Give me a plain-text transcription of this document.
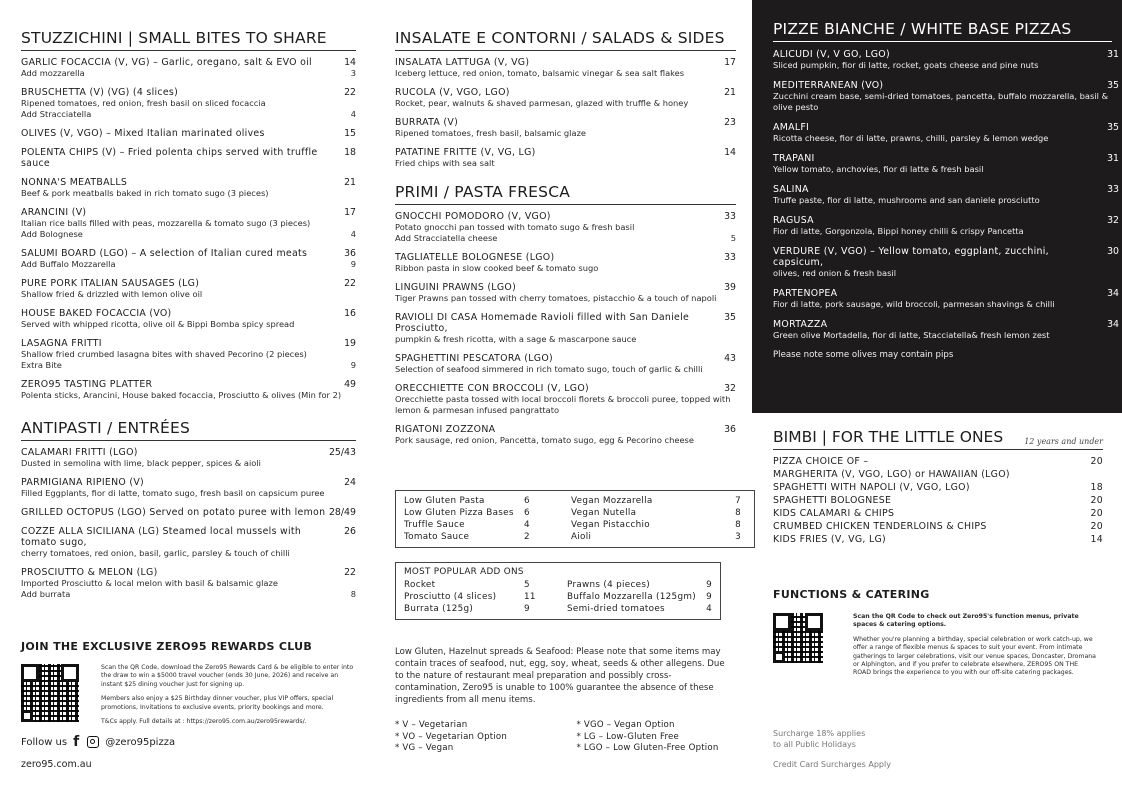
STUZZICHINI | SMALL BITES TO SHARE
GARLIC FOCACCIA (V, VG) – Garlic, oregano, salt & EVO oil	14
Add mozzarella	3
BRUSCHETTA (V) (VG) (4 slices)	22
Ripened tomatoes, red onion, fresh basil on sliced focaccia
Add Stracciatella	4
OLIVES (V, VGO) – Mixed Italian marinated olives	15
POLENTA CHIPS (V) – Fried polenta chips served with truffle sauce
18
NONNA'S MEATBALLS	21
Beef & pork meatballs baked in rich tomato sugo (3 pieces)
ARANCINI (V)	17
Italian rice balls filled with peas, mozzarella & tomato sugo (3 pieces)
Add Bolognese	4
SALUMI BOARD (LGO) – A selection of Italian cured meats	36
Add Buffalo Mozzarella	9
PURE PORK ITALIAN SAUSAGES (LG)	22
Shallow fried & drizzled with lemon olive oil
HOUSE BAKED FOCACCIA (VO)	16
Served with whipped ricotta, olive oil & Bippi Bomba spicy spread
LASAGNA FRITTI	19
Shallow fried crumbed lasagna bites with shaved Pecorino (2 pieces)
Extra Bite	9
ZERO95 TASTING PLATTER	49
Polenta sticks, Arancini, House baked focaccia, Prosciutto & olives (Min for 2)
ANTIPASTI / ENTRÉES
CALAMARI FRITTI (LGO)	25/43
Dusted in semolina with lime, black pepper, spices & aioli
PARMIGIANA RIPIENO (V)	24
Filled Eggplants, fior di latte, tomato sugo, fresh basil on capsicum puree
GRILLED OCTOPUS (LGO) Served on potato puree with lemon 28/49
COZZE ALLA SICILIANA (LG) Steamed local mussels with tomato sugo,
26
cherry tomatoes, red onion, basil, garlic, parsley & touch of chilli
PROSCIUTTO & MELON (LG)	22
Imported Prosciutto & local melon with basil & balsamic glaze
Add burrata	8
JOIN THE EXCLUSIVE ZERO95 REWARDS CLUB

Scan the QR Code, download the Zero95 Rewards Card & be eligible to enter into the draw to win a $5000 travel voucher (ends 30 June, 2026) and receive an instant $25 dining voucher just for signing up.

Members also enjoy a $25 Birthday dinner voucher, plus VIP offers, special promotions, Invitations to exclusive events, priority bookings and more.

T&Cs apply. Full details at : https://zero95.com.au/zero95rewards/.

Follow us f	@zero95pizza
zero95.com.au
INSALATE E CONTORNI / SALADS & SIDES
INSALATA LATTUGA (V, VG)	17
Iceberg lettuce, red onion, tomato, balsamic vinegar & sea salt flakes
RUCOLA (V, VGO, LGO)	21
Rocket, pear, walnuts & shaved parmesan, glazed with truffle & honey
BURRATA (V)	23
Ripened tomatoes, fresh basil, balsamic glaze
PATATINE FRITTE (V, VG, LG)	14
Fried chips with sea salt
PRIMI / PASTA FRESCA
GNOCCHI POMODORO (V, VGO)	33
Potato gnocchi pan tossed with tomato sugo & fresh basil
Add Stracciatella cheese	5
TAGLIATELLE BOLOGNESE (LGO)	33
Ribbon pasta in slow cooked beef & tomato sugo
LINGUINI PRAWNS (LGO)	39
Tiger Prawns pan tossed with cherry tomatoes, pistacchio & a touch of napoli
RAVIOLI DI CASA Homemade Ravioli filled with San Daniele Prosciutto,
35
pumpkin & fresh ricotta, with a sage & mascarpone sauce
SPAGHETTINI PESCATORA (LGO)	43
Selection of seafood simmered in rich tomato sugo, touch of garlic & chilli
ORECCHIETTE CON BROCCOLI (V, LGO)	32
Orecchiette pasta tossed with local broccoli florets & broccoli puree, topped with lemon & parmesan infused pangrattato
RIGATONI ZOZZONA	36
Pork sausage, red onion, Pancetta, tomato sugo, egg & Pecorino cheese
Low Gluten Pasta	6	Vegan Mozzarella	7
Low Gluten Pizza Bases	6	Vegan Nutella	8
Truffle Sauce	4	Vegan Pistacchio	8
Tomato Sauce	2	Aioli	3
MOST POPULAR ADD ONS
Rocket	5	Prawns (4 pieces)	9
Prosciutto (4 slices)	11	Buffalo Mozzarella (125gm)	9
Burrata (125g)	9	Semi-dried tomatoes	4

Low Gluten, Hazelnut spreads & Seafood: Please note that some items may contain traces of seafood, nut, egg, soy, wheat, seeds & other allegens. Due to the nature of restaurant meal preparation and possibly cross-contamination, Zero95 is unable to 100% guarantee the absence of these ingredients from all menu items.

* V – Vegetarian	* VGO – Vegan Option
* VO – Vegetarian Option	* LG – Low-Gluten Free
* VG – Vegan	* LGO – Low Gluten-Free Option
PIZZE BIANCHE / WHITE BASE PIZZAS
ALICUDI (V, V GO, LGO)	31
Sliced pumpkin, fior di latte, rocket, goats cheese and pine nuts
MEDITERRANEAN (VO)	35
Zucchini cream base, semi-dried tomatoes, pancetta, buffalo mozzarella, basil & olive pesto
AMALFI	35
Ricotta cheese, fior di latte, prawns, chilli, parsley & lemon wedge
TRAPANI	31
Yellow tomato, anchovies, fior di latte & fresh basil
SALINA	33
Truffe paste, fior di latte, mushrooms and san daniele prosciutto
RAGUSA	32
Fior di latte, Gorgonzola, Bippi honey chilli & crispy Pancetta
VERDURE (V, VGO) – Yellow tomato, eggplant, zucchini, capsicum,
30
olives, red onion & fresh basil
PARTENOPEA	34
Fior di latte, pork sausage, wild broccoli, parmesan shavings & chilli
MORTAZZA	34
Green olive Mortadella, fior di latte, Stacciatella& fresh lemon zest
Please note some olives may contain pips
BIMBI | FOR THE LITTLE ONES	12 years and under
PIZZA CHOICE OF –	20
MARGHERITA (V, VGO, LGO) or HAWAIIAN (LGO)
SPAGHETTI WITH NAPOLI (V, VGO, LGO)	18
SPAGHETTI BOLOGNESE	20
KIDS CALAMARI & CHIPS	20
CRUMBED CHICKEN TENDERLOINS & CHIPS	20
KIDS FRIES (V, VG, LG)	14
FUNCTIONS & CATERING

Scan the QR Code to check out Zero95's function menus, private spaces & catering options.

Whether you're planning a birthday, special celebration or work catch-up, we offer a range of flexible menus & spaces to suit your event. From intimate gatherings to larger celebrations, visit our venue spaces, Doncaster, Dromana or Alphington, and if you prefer to celebrate elsewhere, ZERO95 ON THE ROAD brings the experience to you with our off-site catering packages.

Surcharge 18% applies
to all Public Holidays
Credit Card Surcharges Apply
